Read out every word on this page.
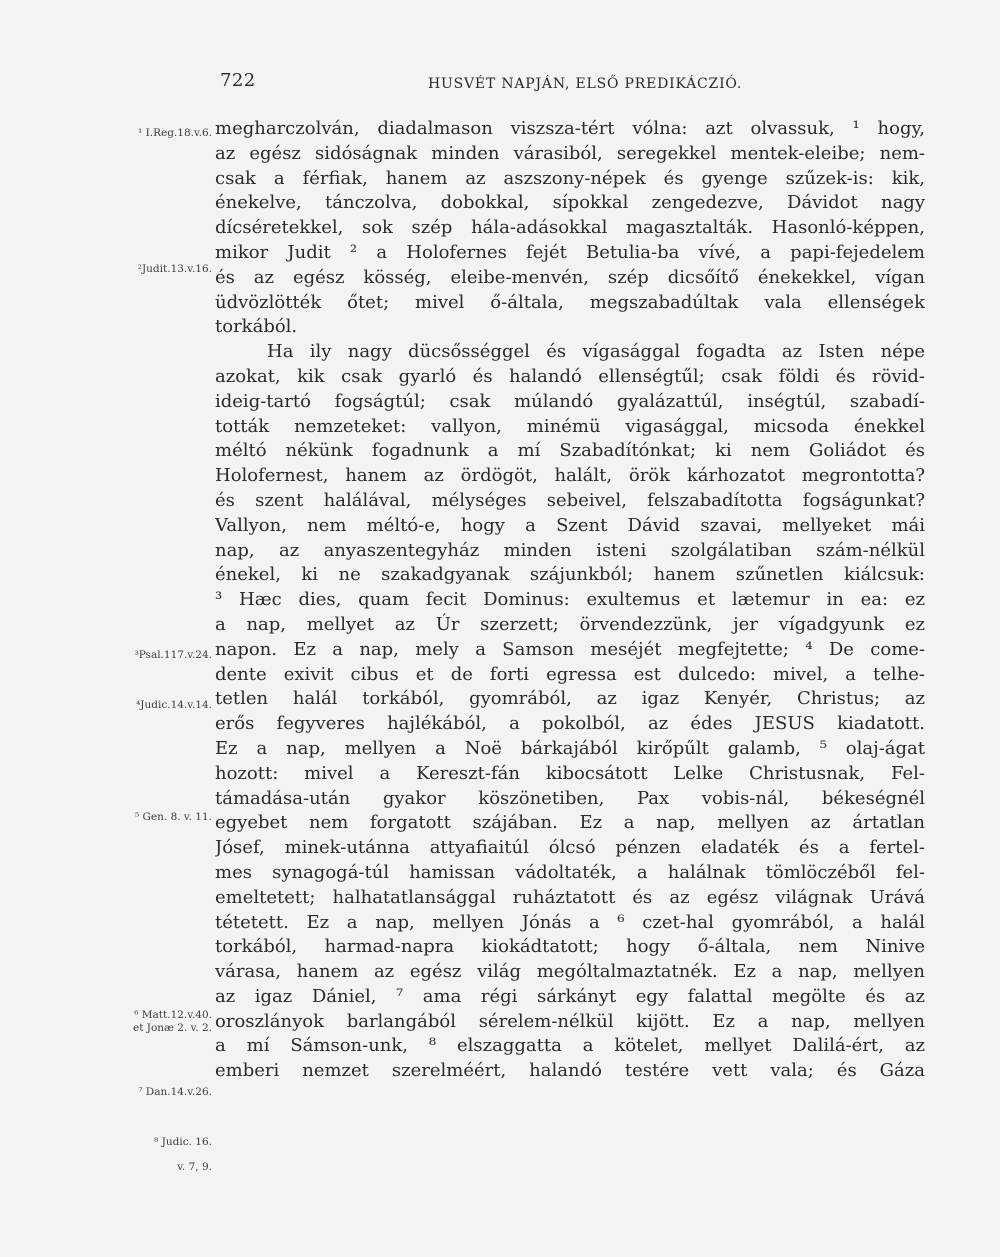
722	HUSVÉT NAPJÁN, ELSŐ PREDIKÁCZIÓ.
¹ I.Reg.18.v.6.
²Judit.13.v.16.
³Psal.117.v.24.
⁴Judic.14.v.14.
⁵ Gen. 8. v. 11.
⁶ Matt.12.v.40.
et Jonæ 2. v. 2.
⁷ Dan.14.v.26.
⁸ Judic. 16.
v. 7, 9.
megharczolván, diadalmason viszsza-tért vólna: azt olvassuk, ¹ hogy,
az egész sidóságnak minden várasiból, seregekkel mentek-eleibe; nem-
csak a férfiak, hanem az aszszony-népek és gyenge szűzek-is: kik,
énekelve, tánczolva, dobokkal, sípokkal zengedezve, Dávidot nagy
dícséretekkel, sok szép hála-adásokkal magasztalták. Hasonló-képpen,
mikor Judit ² a Holofernes fejét Betulia-ba vívé, a papi-fejedelem
és az egész kösség, eleibe-menvén, szép dicsőítő énekekkel, vígan
üdvözlötték őtet; mivel ő-általa, megszabadúltak vala ellenségek
torkából.
Ha ily nagy dücsősséggel és vígasággal fogadta az Isten népe
azokat, kik csak gyarló és halandó ellenségtűl; csak földi és rövid-
ideig-tartó fogságtúl; csak múlandó gyalázattúl, inségtúl, szabadí-
tották nemzeteket: vallyon, minémü vigasággal, micsoda énekkel
méltó nékünk fogadnunk a mí Szabadítónkat; ki nem Goliádot és
Holofernest, hanem az ördögöt, halált, örök kárhozatot megrontotta?
és szent halálával, mélységes sebeivel, felszabadította fogságunkat?
Vallyon, nem méltó-e, hogy a Szent Dávid szavai, mellyeket mái
nap, az anyaszentegyház minden isteni szolgálatiban szám-nélkül
énekel, ki ne szakadgyanak szájunkból; hanem szűnetlen kiálcsuk:
³ Hæc dies, quam fecit Dominus: exultemus et lætemur in ea: ez
a nap, mellyet az Úr szerzett; örvendezzünk, jer vígadgyunk ez
napon. Ez a nap, mely a Samson meséjét megfejtette; ⁴ De come-
dente exivit cibus et de forti egressa est dulcedo: mivel, a telhe-
tetlen halál torkából, gyomrából, az igaz Kenyér, Christus; az
erős fegyveres hajlékából, a pokolból, az édes JESUS kiadatott.
Ez a nap, mellyen a Noë bárkajából kirőpűlt galamb, ⁵ olaj-ágat
hozott: mivel a Kereszt-fán kibocsátott Lelke Christusnak, Fel-
támadása-után gyakor köszönetiben, Pax vobis-nál, békeségnél
egyebet nem forgatott szájában. Ez a nap, mellyen az ártatlan
Jósef, minek-utánna attyafiaitúl ólcsó pénzen eladaték és a fertel-
mes synagogá-túl hamissan vádoltaték, a halálnak tömlöczéből fel-
emeltetett; halhatatlansággal ruháztatott és az egész világnak Urává
tétetett. Ez a nap, mellyen Jónás a ⁶ czet-hal gyomrából, a halál
torkából, harmad-napra kiokádtatott; hogy ő-általa, nem Ninive
várasa, hanem az egész világ mególtalmaztatnék. Ez a nap, mellyen
az igaz Dániel, ⁷ ama régi sárkányt egy falattal megölte és az
oroszlányok barlangából sérelem-nélkül kijött. Ez a nap, mellyen
a mí Sámson-unk, ⁸ elszaggatta a kötelet, mellyet Dalilá-ért, az
emberi nemzet szerelméért, halandó testére vett vala; és Gáza
